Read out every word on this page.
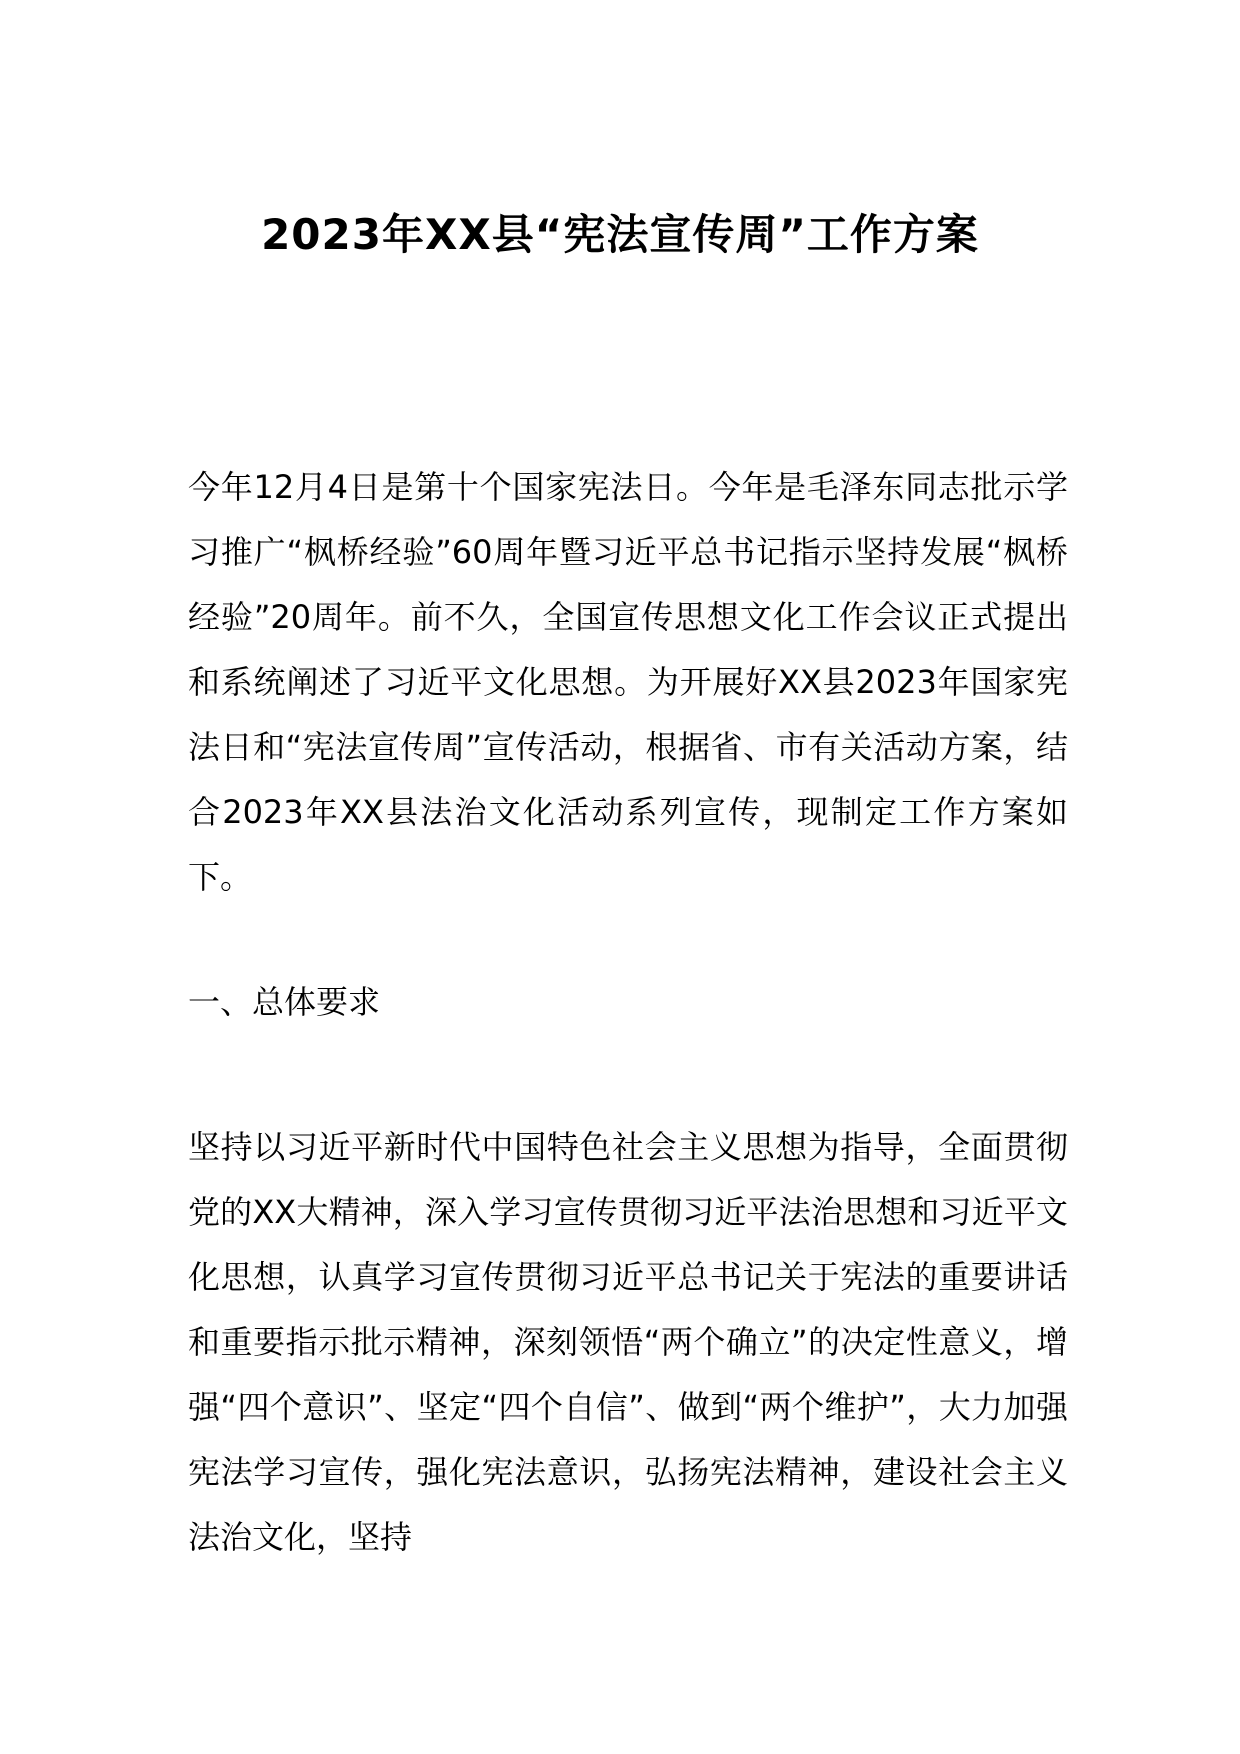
2023年XX县“宪法宣传周”工作方案

今年12月4日是第十个国家宪法日。今年是毛泽东同志批示学习推广“枫桥经验”60周年暨习近平总书记指示坚持发展“枫桥经验”20周年。前不久，全国宣传思想文化工作会议正式提出和系统阐述了习近平文化思想。为开展好XX县2023年国家宪法日和“宪法宣传周”宣传活动，根据省、市有关活动方案，结合2023年XX县法治文化活动系列宣传，现制定工作方案如下。

一、总体要求

坚持以习近平新时代中国特色社会主义思想为指导，全面贯彻党的XX大精神，深入学习宣传贯彻习近平法治思想和习近平文化思想，认真学习宣传贯彻习近平总书记关于宪法的重要讲话和重要指示批示精神，深刻领悟“两个确立”的决定性意义，增强“四个意识”、坚定“四个自信”、做到“两个维护”，大力加强宪法学习宣传，强化宪法意识，弘扬宪法精神，建设社会主义法治文化，坚持
